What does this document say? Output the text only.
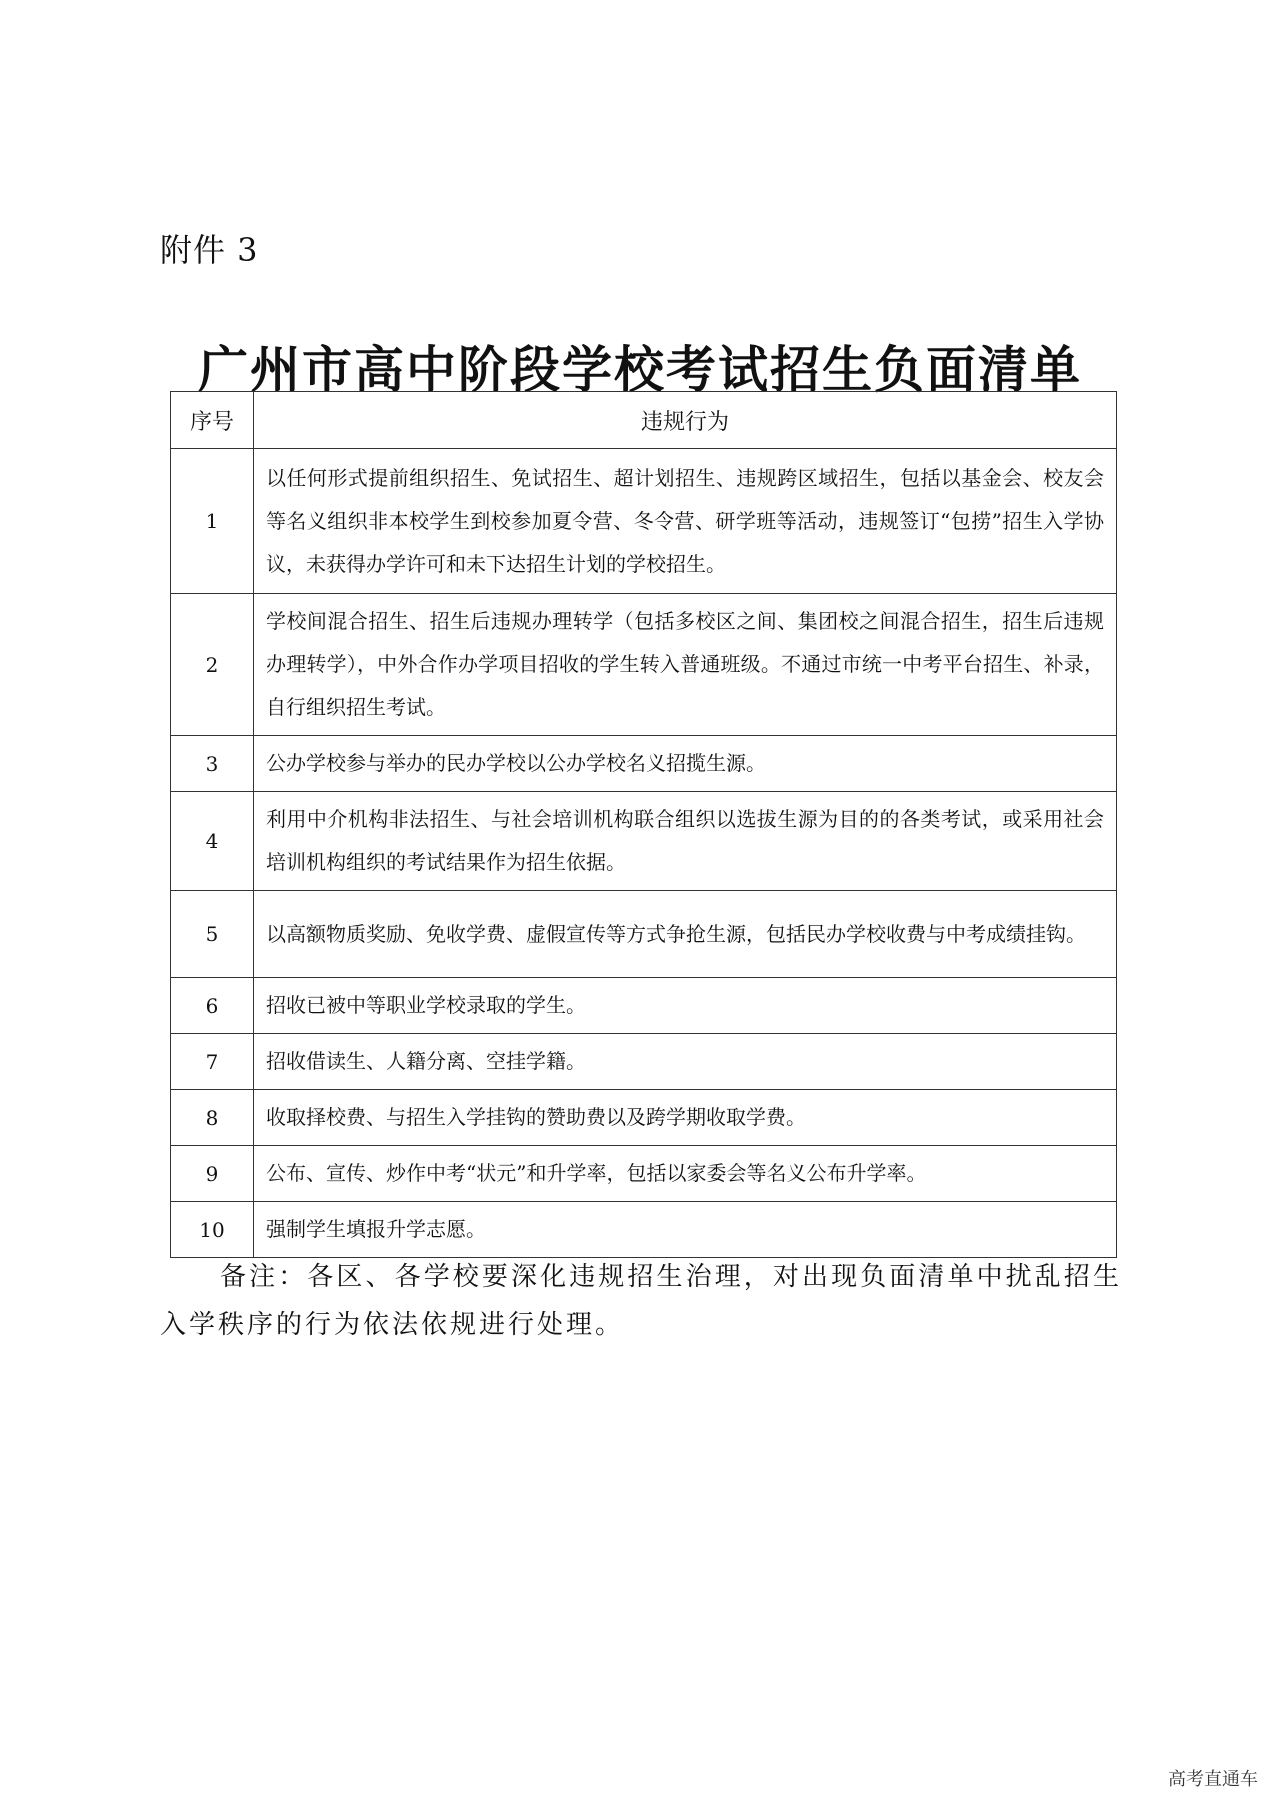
附件 3
广州市高中阶段学校考试招生负面清单
序号	违规行为
1	以任何形式提前组织招生、免试招生、超计划招生、违规跨区域招生，包括以基金会、校友会等名义组织非本校学生到校参加夏令营、冬令营、研学班等活动，违规签订“包捞”招生入学协议，未获得办学许可和未下达招生计划的学校招生。
2	学校间混合招生、招生后违规办理转学（包括多校区之间、集团校之间混合招生，招生后违规办理转学），中外合作办学项目招收的学生转入普通班级。不通过市统一中考平台招生、补录，自行组织招生考试。
3	公办学校参与举办的民办学校以公办学校名义招揽生源。
4	利用中介机构非法招生、与社会培训机构联合组织以选拔生源为目的的各类考试，或采用社会培训机构组织的考试结果作为招生依据。
5	以高额物质奖励、免收学费、虚假宣传等方式争抢生源，包括民办学校收费与中考成绩挂钩。
6	招收已被中等职业学校录取的学生。
7	招收借读生、人籍分离、空挂学籍。
8	收取择校费、与招生入学挂钩的赞助费以及跨学期收取学费。
9	公布、宣传、炒作中考“状元”和升学率，包括以家委会等名义公布升学率。
10	强制学生填报升学志愿。
备注：各区、各学校要深化违规招生治理，对出现负面清单中扰乱招生入学秩序的行为依法依规进行处理。
高考直通车
